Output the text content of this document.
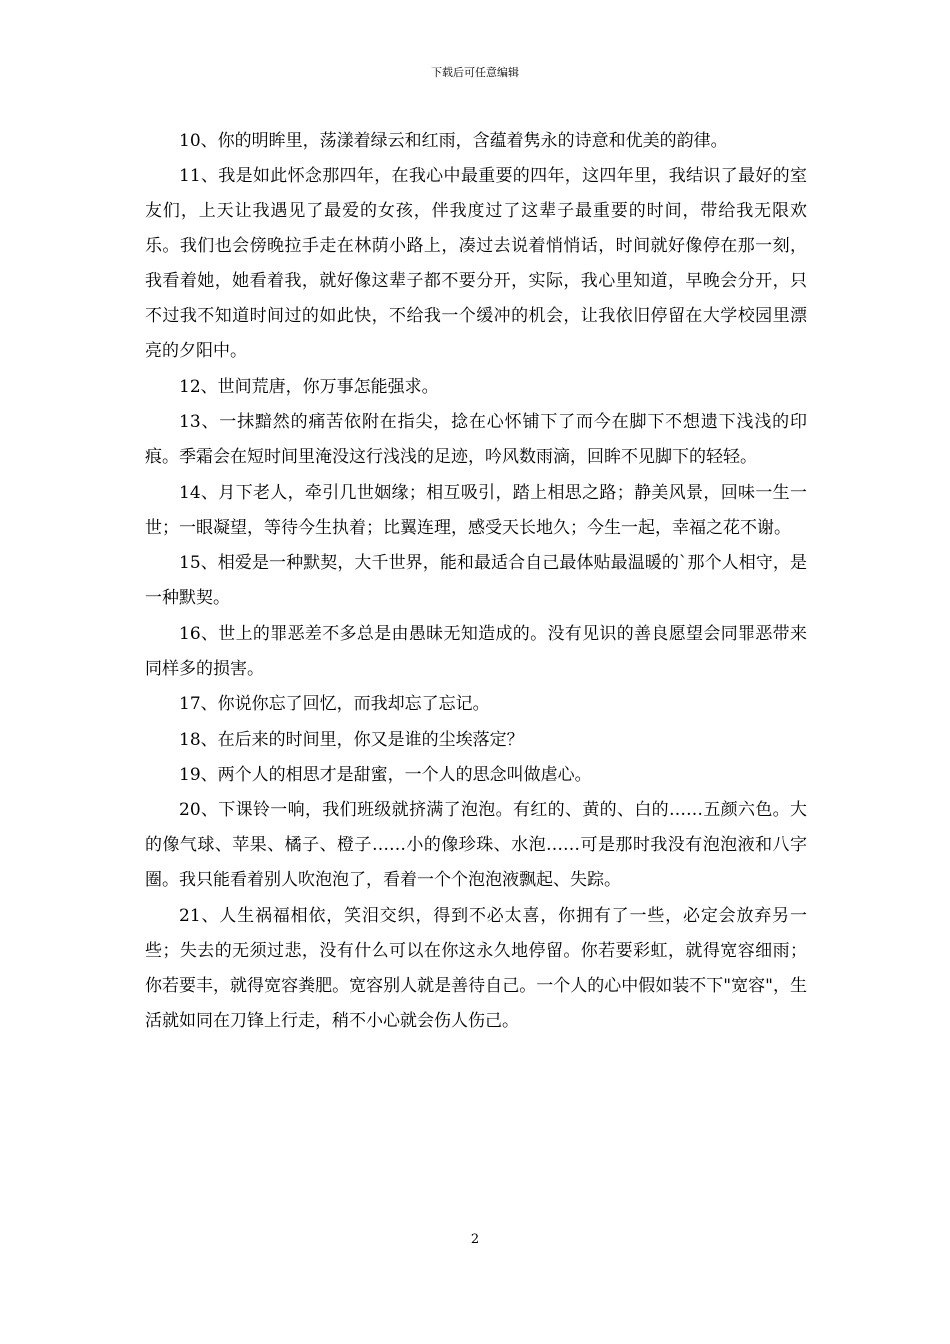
下载后可任意编辑

10、你的明眸里，荡漾着绿云和红雨，含蕴着隽永的诗意和优美的韵律。

11、我是如此怀念那四年，在我心中最重要的四年，这四年里，我结识了最好的室友们，上天让我遇见了最爱的女孩，伴我度过了这辈子最重要的时间，带给我无限欢乐。我们也会傍晚拉手走在林荫小路上，凑过去说着悄悄话，时间就好像停在那一刻，我看着她，她看着我，就好像这辈子都不要分开，实际，我心里知道，早晚会分开，只不过我不知道时间过的如此快，不给我一个缓冲的机会，让我依旧停留在大学校园里漂亮的夕阳中。

12、世间荒唐，你万事怎能强求。

13、一抹黯然的痛苦依附在指尖，捻在心怀铺下了而今在脚下不想遗下浅浅的印痕。季霜会在短时间里淹没这行浅浅的足迹，吟风数雨滴，回眸不见脚下的轻轻。

14、月下老人，牵引几世姻缘；相互吸引，踏上相思之路；静美风景，回味一生一世；一眼凝望，等待今生执着；比翼连理，感受天长地久；今生一起，幸福之花不谢。

15、相爱是一种默契，大千世界，能和最适合自己最体贴最温暖的`那个人相守，是一种默契。

16、世上的罪恶差不多总是由愚昧无知造成的。没有见识的善良愿望会同罪恶带来同样多的损害。

17、你说你忘了回忆，而我却忘了忘记。

18、在后来的时间里，你又是谁的尘埃落定？

19、两个人的相思才是甜蜜，一个人的思念叫做虐心。

20、下课铃一响，我们班级就挤满了泡泡。有红的、黄的、白的……五颜六色。大的像气球、苹果、橘子、橙子……小的像珍珠、水泡……可是那时我没有泡泡液和八字圈。我只能看着别人吹泡泡了，看着一个个泡泡液飘起、失踪。

21、人生祸福相依，笑泪交织，得到不必太喜，你拥有了一些，必定会放弃另一些；失去的无须过悲，没有什么可以在你这永久地停留。你若要彩虹，就得宽容细雨；你若要丰，就得宽容粪肥。宽容别人就是善待自己。一个人的心中假如装不下"宽容"，生活就如同在刀锋上行走，稍不小心就会伤人伤己。

2
